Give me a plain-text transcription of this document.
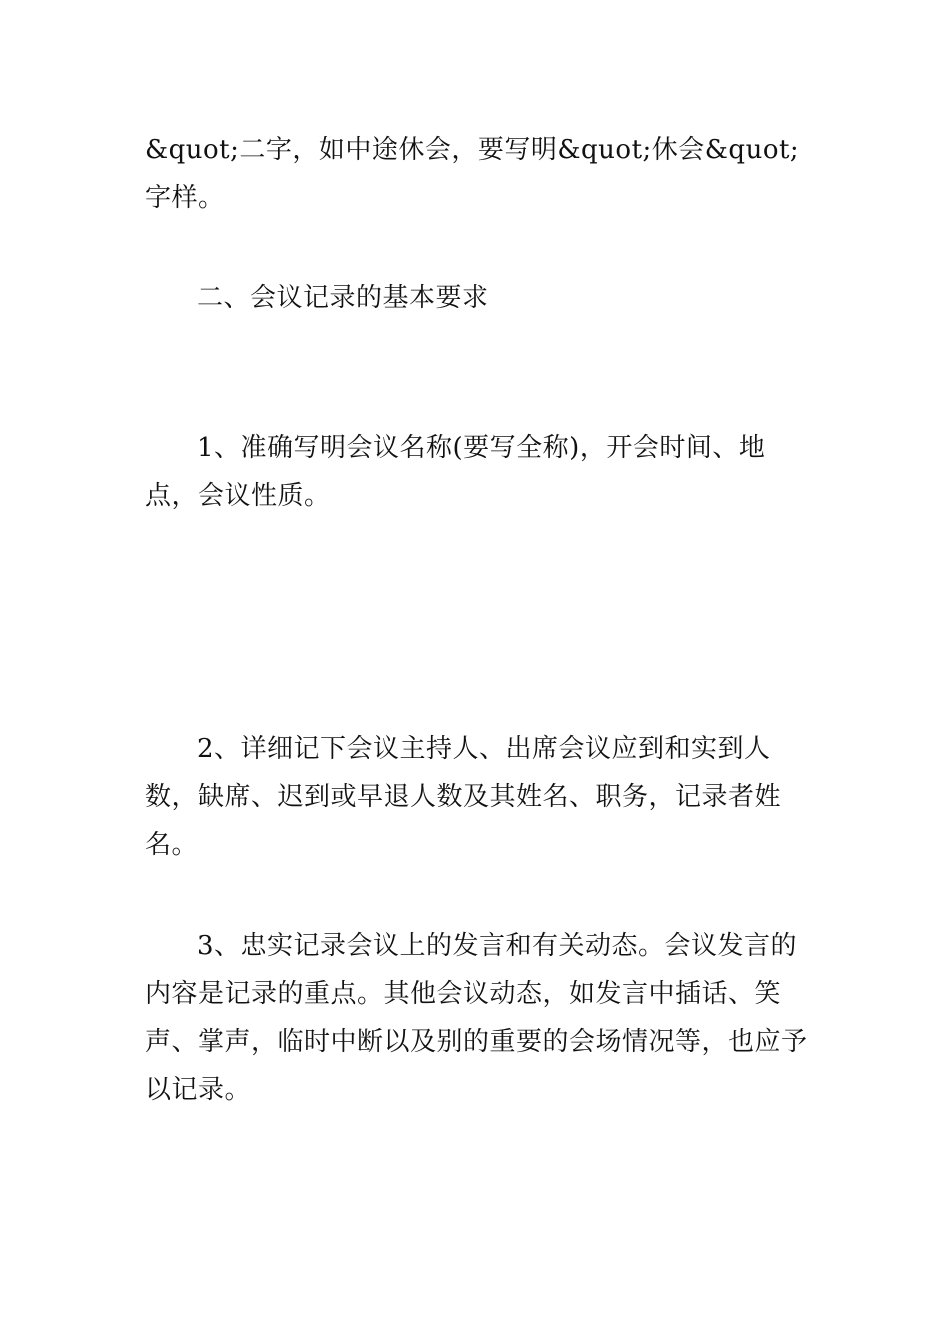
&quot;二字，如中途休会，要写明&quot;休会&quot;字样。

二、会议记录的基本要求

1、准确写明会议名称(要写全称)，开会时间、地点，会议性质。

2、详细记下会议主持人、出席会议应到和实到人数，缺席、迟到或早退人数及其姓名、职务，记录者姓名。

3、忠实记录会议上的发言和有关动态。会议发言的内容是记录的重点。其他会议动态，如发言中插话、笑声、掌声，临时中断以及别的重要的会场情况等，也应予以记录。
